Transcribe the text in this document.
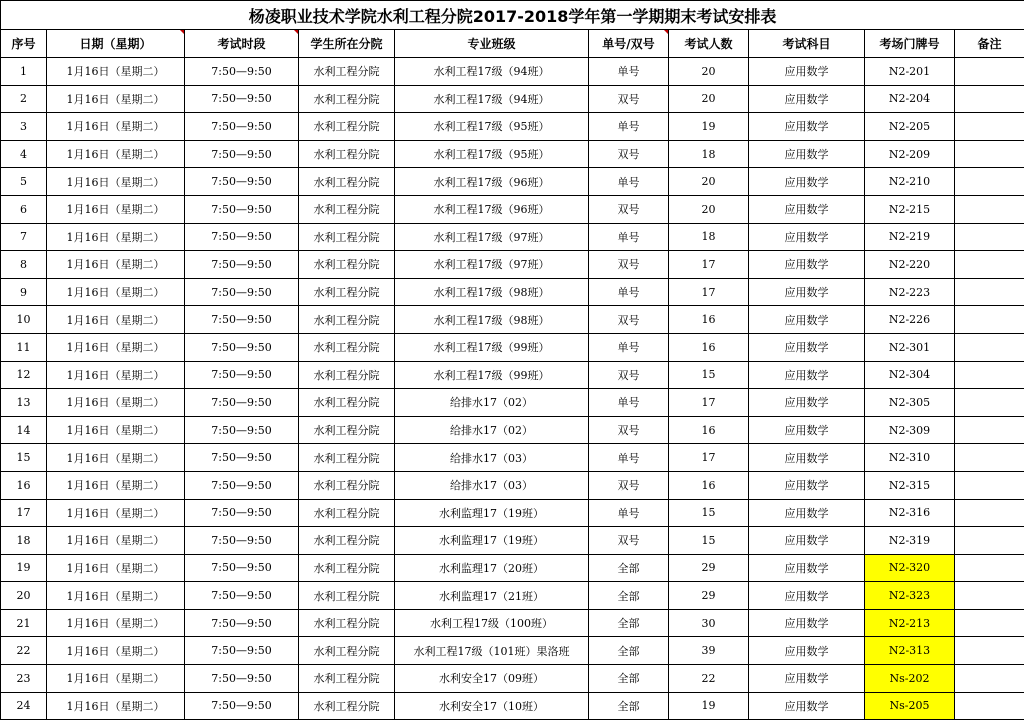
杨凌职业技术学院水利工程分院2017-2018学年第一学期期末考试安排表									
序号	日期（星期）	考试时段	学生所在分院	专业班级	单号/双号	考试人数	考试科目	考场门牌号	备注
1	1月16日（星期二）	7:50—9:50	水利工程分院	水利工程17级（94班）	单号	20	应用数学	N2-201	
2	1月16日（星期二）	7:50—9:50	水利工程分院	水利工程17级（94班）	双号	20	应用数学	N2-204	
3	1月16日（星期二）	7:50—9:50	水利工程分院	水利工程17级（95班）	单号	19	应用数学	N2-205	
4	1月16日（星期二）	7:50—9:50	水利工程分院	水利工程17级（95班）	双号	18	应用数学	N2-209	
5	1月16日（星期二）	7:50—9:50	水利工程分院	水利工程17级（96班）	单号	20	应用数学	N2-210	
6	1月16日（星期二）	7:50—9:50	水利工程分院	水利工程17级（96班）	双号	20	应用数学	N2-215	
7	1月16日（星期二）	7:50—9:50	水利工程分院	水利工程17级（97班）	单号	18	应用数学	N2-219	
8	1月16日（星期二）	7:50—9:50	水利工程分院	水利工程17级（97班）	双号	17	应用数学	N2-220	
9	1月16日（星期二）	7:50—9:50	水利工程分院	水利工程17级（98班）	单号	17	应用数学	N2-223	
10	1月16日（星期二）	7:50—9:50	水利工程分院	水利工程17级（98班）	双号	16	应用数学	N2-226	
11	1月16日（星期二）	7:50—9:50	水利工程分院	水利工程17级（99班）	单号	16	应用数学	N2-301	
12	1月16日（星期二）	7:50—9:50	水利工程分院	水利工程17级（99班）	双号	15	应用数学	N2-304	
13	1月16日（星期二）	7:50—9:50	水利工程分院	给排水17（02）	单号	17	应用数学	N2-305	
14	1月16日（星期二）	7:50—9:50	水利工程分院	给排水17（02）	双号	16	应用数学	N2-309	
15	1月16日（星期二）	7:50—9:50	水利工程分院	给排水17（03）	单号	17	应用数学	N2-310	
16	1月16日（星期二）	7:50—9:50	水利工程分院	给排水17（03）	双号	16	应用数学	N2-315	
17	1月16日（星期二）	7:50—9:50	水利工程分院	水利监理17（19班）	单号	15	应用数学	N2-316	
18	1月16日（星期二）	7:50—9:50	水利工程分院	水利监理17（19班）	双号	15	应用数学	N2-319	
19	1月16日（星期二）	7:50—9:50	水利工程分院	水利监理17（20班）	全部	29	应用数学	N2-320	
20	1月16日（星期二）	7:50—9:50	水利工程分院	水利监理17（21班）	全部	29	应用数学	N2-323	
21	1月16日（星期二）	7:50—9:50	水利工程分院	水利工程17级（100班）	全部	30	应用数学	N2-213	
22	1月16日（星期二）	7:50—9:50	水利工程分院	水利工程17级（101班）果洛班	全部	39	应用数学	N2-313	
23	1月16日（星期二）	7:50—9:50	水利工程分院	水利安全17（09班）	全部	22	应用数学	Ns-202	
24	1月16日（星期二）	7:50—9:50	水利工程分院	水利安全17（10班）	全部	19	应用数学	Ns-205	
